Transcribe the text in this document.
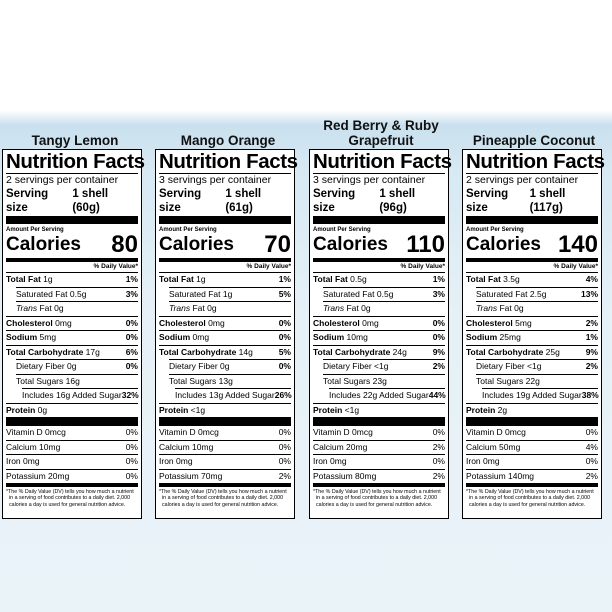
Tangy Lemon
Nutrition Facts
2 servings per container
Serving size
1 shell (60g)
Amount Per Serving
Calories 80
% Daily Value*
Total Fat 1g	1%
Saturated Fat 0.5g	3%
Trans Fat 0g
Cholesterol 0mg	0%
Sodium 5mg	0%
Total Carbohydrate 17g	6%
Dietary Fiber 0g	0%
Total Sugars 16g
Includes 16g Added Sugar 32%
Protein 0g
Vitamin D 0mcg	0%
Calcium 10mg	0%
Iron 0mg	0%
Potassium 20mg	0%
*The % Daily Value (DV) tells you how much a nutrient in a serving of food contributes to a daily diet. 2,000 calories a day is used for general nutrition advice.
Mango Orange
Nutrition Facts
3 servings per container
Serving size
1 shell (61g)
Amount Per Serving
Calories 70
% Daily Value*
Total Fat 1g	1%
Saturated Fat 1g	5%
Trans Fat 0g
Cholesterol 0mg	0%
Sodium 0mg	0%
Total Carbohydrate 14g	5%
Dietary Fiber 0g	0%
Total Sugars 13g
Includes 13g Added Sugar 26%
Protein <1g
Vitamin D 0mcg	0%
Calcium 10mg	0%
Iron 0mg	0%
Potassium 70mg	2%
*The % Daily Value (DV) tells you how much a nutrient in a serving of food contributes to a daily diet. 2,000 calories a day is used for general nutrition advice.
Red Berry & Ruby Grapefruit
Nutrition Facts
3 servings per container
Serving size
1 shell (96g)
Amount Per Serving
Calories 110
% Daily Value*
Total Fat 0.5g	1%
Saturated Fat 0.5g	3%
Trans Fat 0g
Cholesterol 0mg	0%
Sodium 10mg	0%
Total Carbohydrate 24g	9%
Dietary Fiber <1g	2%
Total Sugars 23g
Includes 22g Added Sugar 44%
Protein <1g
Vitamin D 0mcg	0%
Calcium 20mg	2%
Iron 0mg	0%
Potassium 80mg	2%
*The % Daily Value (DV) tells you how much a nutrient in a serving of food contributes to a daily diet. 2,000 calories a day is used for general nutrition advice.
Pineapple Coconut
Nutrition Facts
2 servings per container
Serving size
1 shell (117g)
Amount Per Serving
Calories 140
% Daily Value*
Total Fat 3.5g	4%
Saturated Fat 2.5g	13%
Trans Fat 0g
Cholesterol 5mg	2%
Sodium 25mg	1%
Total Carbohydrate 25g	9%
Dietary Fiber <1g	2%
Total Sugars 22g
Includes 19g Added Sugar 38%
Protein 2g
Vitamin D 0mcg	0%
Calcium 50mg	4%
Iron 0mg	0%
Potassium 140mg	2%
*The % Daily Value (DV) tells you how much a nutrient in a serving of food contributes to a daily diet. 2,000 calories a day is used for general nutrition advice.
